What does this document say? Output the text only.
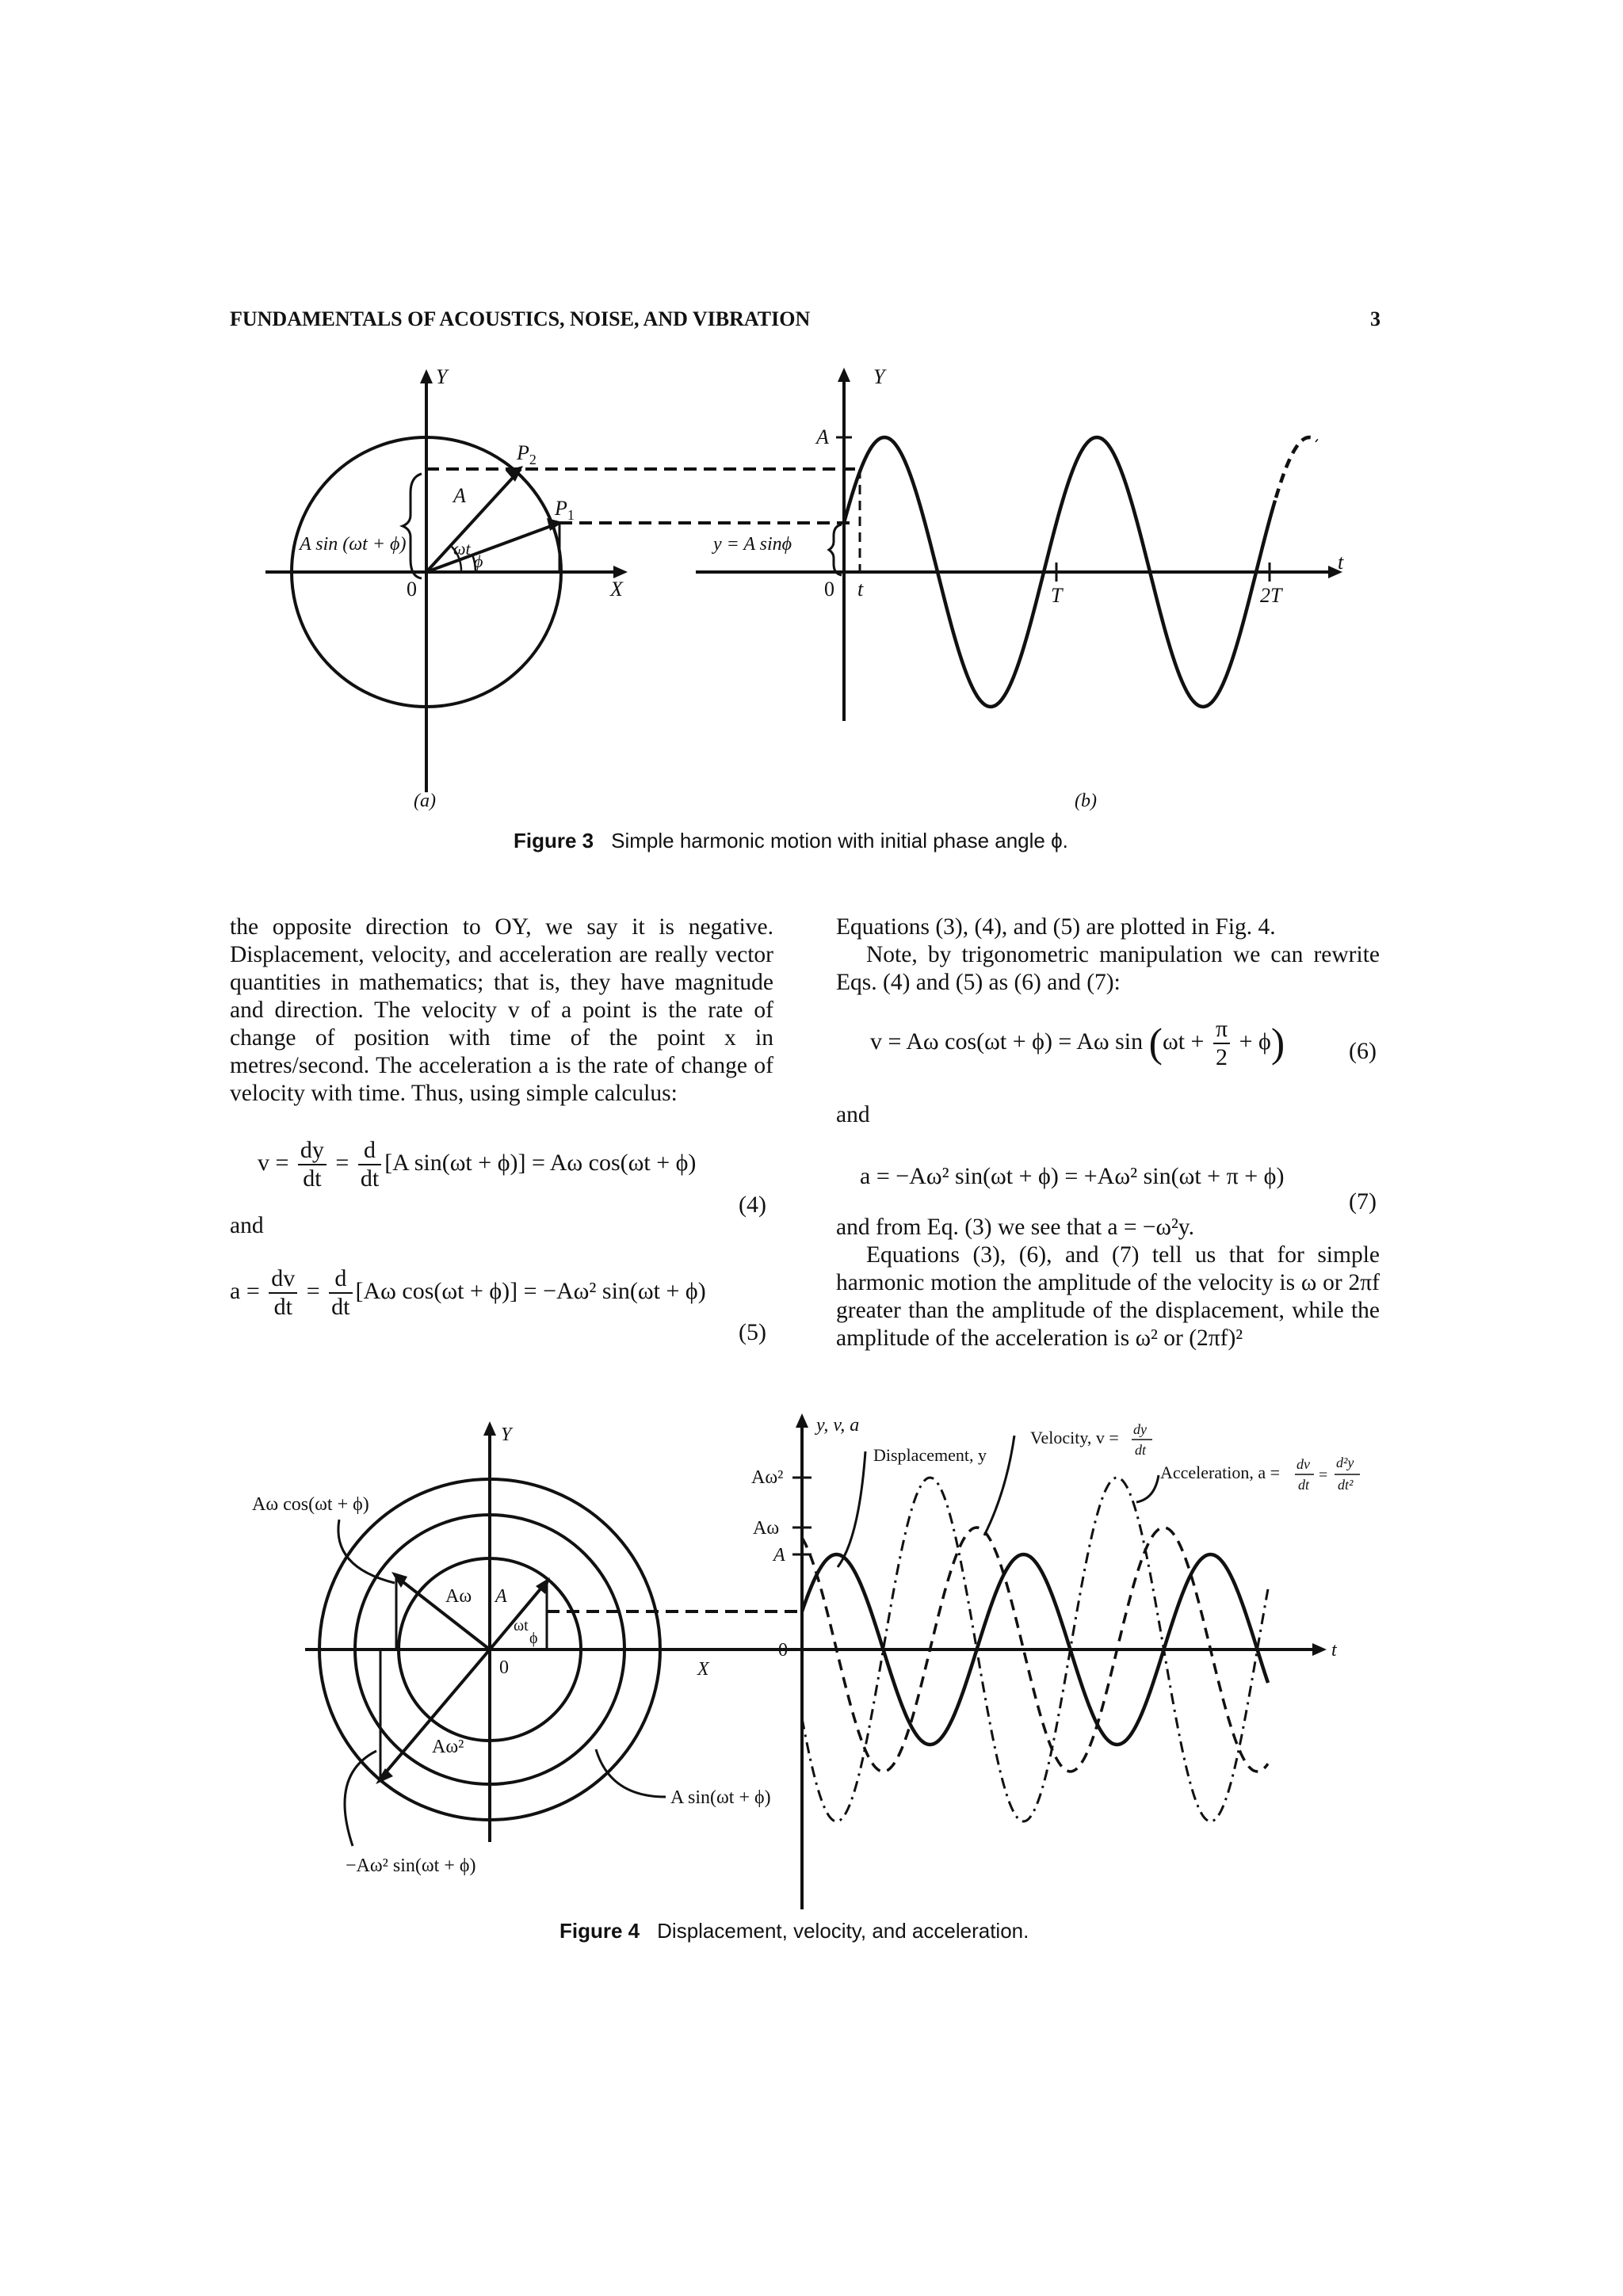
FUNDAMENTALS OF ACOUSTICS, NOISE, AND VIBRATION	3
Y
X
0
$P_2$
$P_1$
A
ωt
ϕ
A sin (ωt + ϕ)
Y
A
0 t	T	2T
t
y = A sinϕ
(a)	(b)
Figure 3 Simple harmonic motion with initial phase angle ϕ.

the opposite direction to OY, we say it is negative. Displacement, velocity, and acceleration are really vector quantities in mathematics; that is, they have magnitude and direction. The velocity v of a point is the rate of change of position with time of the point x in metres/second. The acceleration a is the rate of change of velocity with time. Thus, using simple calculus:

$v = \frac{dy}{dt} = \frac{d}{dt} [A$ sin(ωt + ϕ)] = Aω cos(ωt + ϕ)
(4)
and
$a = \frac{dv}{dt} = \frac{d}{dt} [A\omega$ cos(ωt + ϕ)] = −Aω² sin(ωt + ϕ)
(5)

Equations (3), (4), and (5) are plotted in Fig. 4.

Note, by trigonometric manipulation we can rewrite Eqs. (4) and (5) as (6) and (7):

v = Aω cos(ωt + ϕ) = Aω $\sin (\omega t + \frac{\pi}{2} + \phi)$	(6)
and
a = −Aω² sin(ωt + ϕ) = +Aω² sin(ωt + π + ϕ)
(7)

and from Eq. (3) we see that a = −ω²y.

Equations (3), (6), and (7) tell us that for simple harmonic motion the amplitude of the velocity is ω or 2πf greater than the amplitude of the displacement, while the amplitude of the acceleration is ω² or (2πf)²

Y
X
0
Aω cos(ωt + ϕ)
Aω A
ωt
ϕ
Aω²
A sin(ωt + ϕ)
−Aω² sin(ωt + ϕ)
y, v, a
Aω²
Aω
A
0	t
Displacement, y
Velocity, v = dy
dt
Acceleration, a = dv
dt
=
d²y
dt²
Figure 4 Displacement, velocity, and acceleration.
